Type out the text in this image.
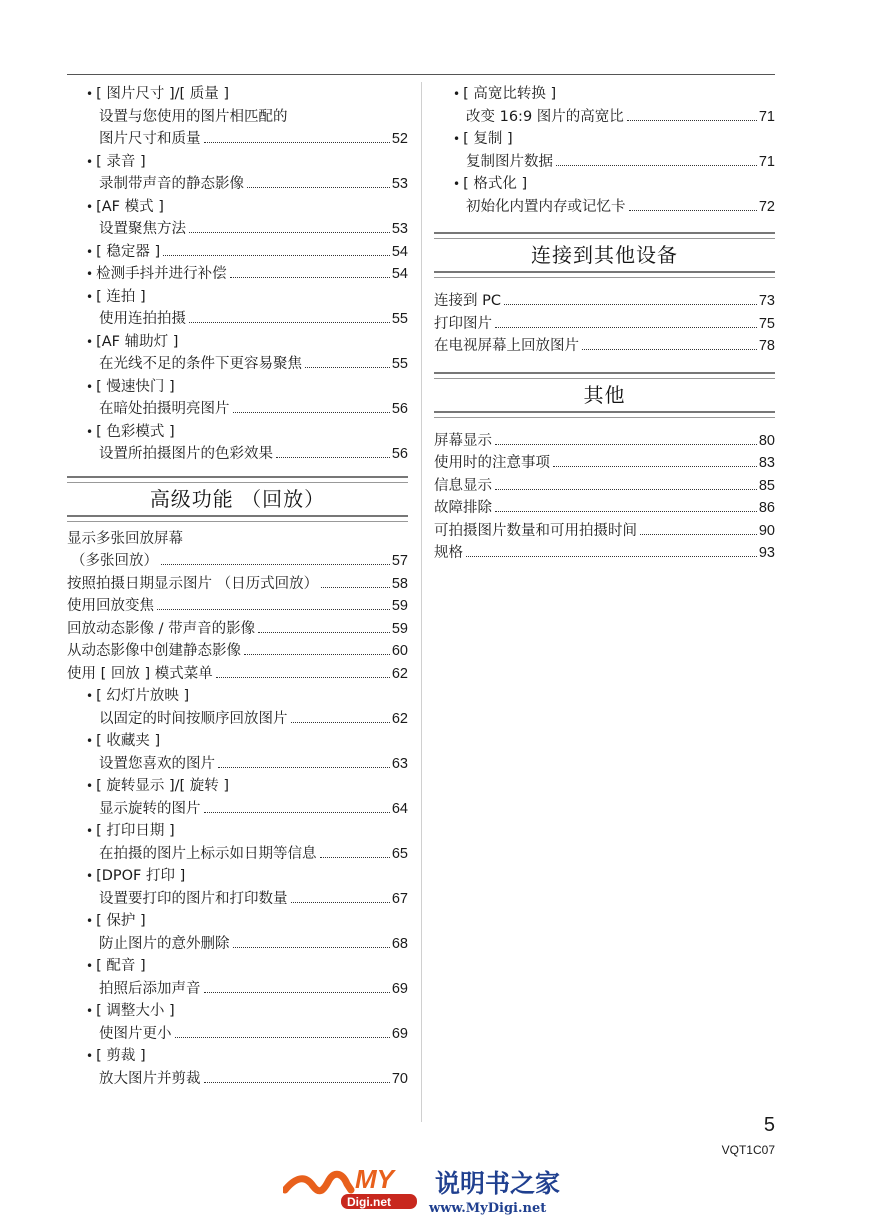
• [ 图片尺寸 ]/[ 质量 ]
设置与您使用的图片相匹配的
图片尺寸和质量	52
• [ 录音 ]
录制带声音的静态影像	53
• [AF 模式 ]
设置聚焦方法	53
• [ 稳定器 ]	54
• 检测手抖并进行补偿	54
• [ 连拍 ]
使用连拍拍摄	55
• [AF 辅助灯 ]
在光线不足的条件下更容易聚焦	55
• [ 慢速快门 ]
在暗处拍摄明亮图片	56
• [ 色彩模式 ]
设置所拍摄图片的色彩效果	56
高级功能 （回放）
显示多张回放屏幕
（多张回放）	57
按照拍摄日期显示图片 （日历式回放）	58
使用回放变焦	59
回放动态影像 / 带声音的影像	59
从动态影像中创建静态影像	60
使用 [ 回放 ] 模式菜单	62
• [ 幻灯片放映 ]
以固定的时间按顺序回放图片	62
• [ 收藏夹 ]
设置您喜欢的图片	63
• [ 旋转显示 ]/[ 旋转 ]
显示旋转的图片	64
• [ 打印日期 ]
在拍摄的图片上标示如日期等信息	65
• [DPOF 打印 ]
设置要打印的图片和打印数量	67
• [ 保护 ]
防止图片的意外删除	68
• [ 配音 ]
拍照后添加声音	69
• [ 调整大小 ]
使图片更小	69
• [ 剪裁 ]
放大图片并剪裁	70
• [ 高宽比转换 ]
改变 16:9 图片的高宽比	71
• [ 复制 ]
复制图片数据	71
• [ 格式化 ]
初始化内置内存或记忆卡	72
连接到其他设备
连接到 PC	73
打印图片	75
在电视屏幕上回放图片	78
其他
屏幕显示	80
使用时的注意事项	83
信息显示	85
故障排除	86
可拍摄图片数量和可用拍摄时间	90
规格	93
5
VQT1C07
MY
Digi.net
说明书之家
www.MyDigi.net
